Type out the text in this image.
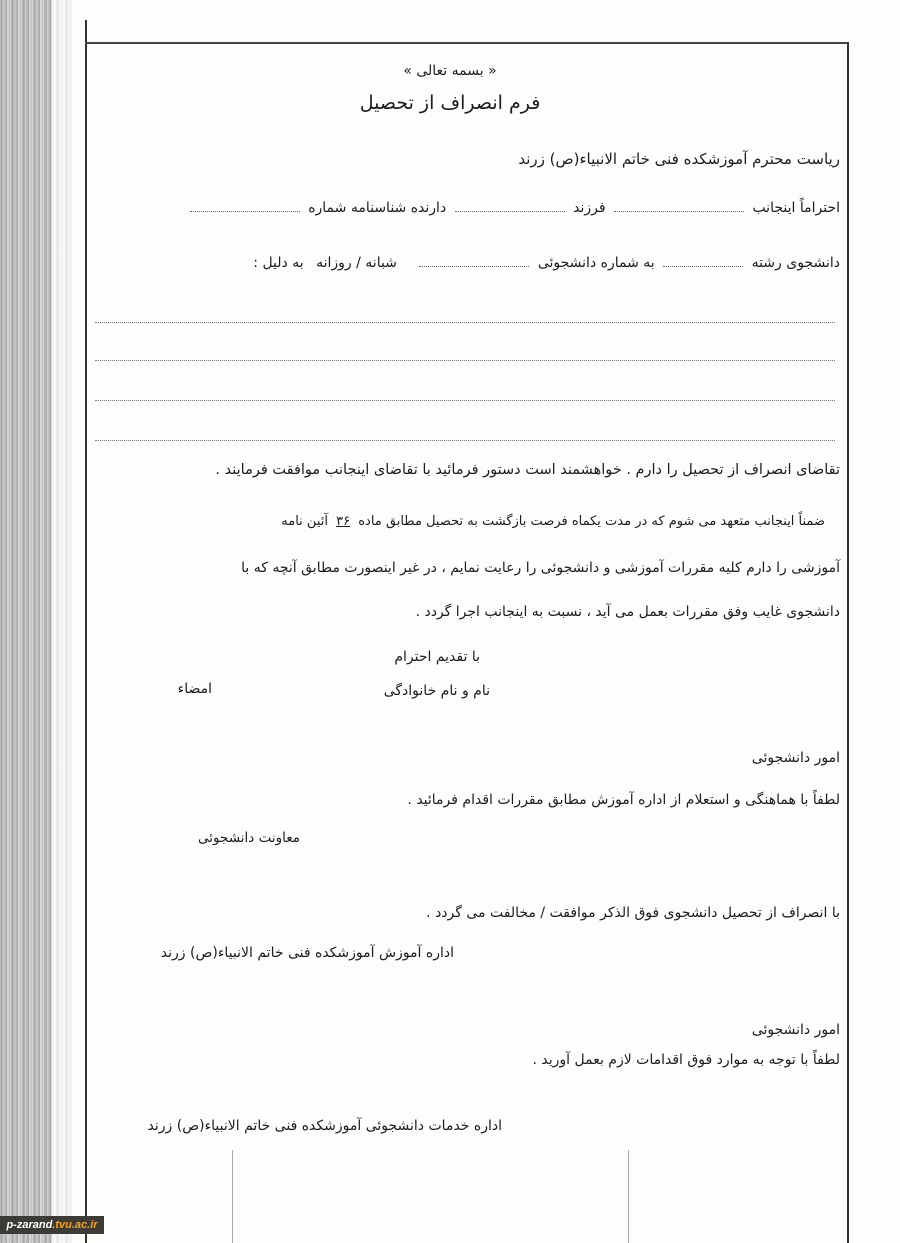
« بسمه تعالی »
فرم انصراف از تحصیل
ریاست محترم آموزشکده فنی خاتم الانبیاء(ص) زرند
احتراماً اینجانب  فرزند  دارنده شناسنامه شماره
دانشجوی رشته  به شماره دانشجوئی  شبانه / روزانه به دلیل :
تقاضای انصراف از تحصیل را دارم . خواهشمند است دستور فرمائید با تقاضای اینجانب موافقت فرمایند .
ضمناً اینجانب متعهد می شوم که در مدت یکماه فرصت بازگشت به تحصیل مطابق ماده ۳۶ آئین نامه
آموزشی را دارم کلیه مقررات آموزشی و دانشجوئی را رعایت نمایم ، در غیر اینصورت مطابق آنچه که با
دانشجوی غایب وفق مقررات بعمل می آید ، نسبت به اینجانب اجرا گردد .
با تقدیم احترام
نام و نام خانوادگی
امضاء
امور دانشجوئی
لطفاً با هماهنگی و استعلام از اداره آموزش مطابق مقررات اقدام فرمائید .
معاونت دانشجوئی
با انصراف از تحصیل دانشجوی فوق الذکر موافقت / مخالفت می گردد .
اداره آموزش آموزشکده فنی خاتم الانبیاء(ص) زرند
امور دانشجوئی
لطفاً با توجه به موارد فوق اقدامات لازم بعمل آورید .
اداره خدمات دانشجوئی آموزشکده فنی خاتم الانبیاء(ص) زرند
p-zarand .tvu.ac.ir
